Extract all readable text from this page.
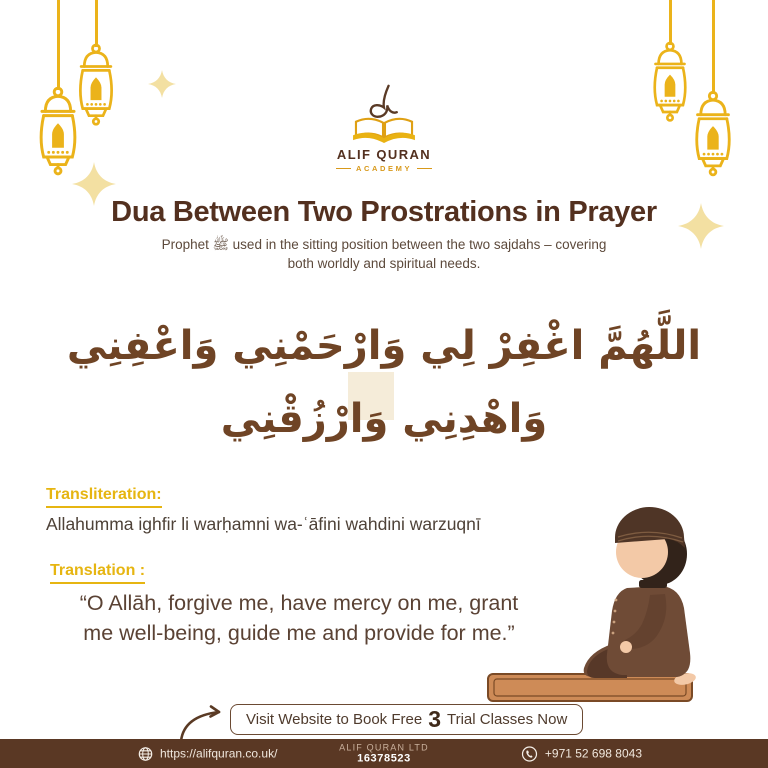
ALIF QURAN
ACADEMY
Dua Between Two Prostrations in Prayer
Prophet ﷺ used in the sitting position between the two sajdahs – covering
both worldly and spiritual needs.
اللَّهُمَّ اغْفِرْ لِي وَارْحَمْنِي وَاعْفِنِي
وَاهْدِنِي وَارْزُقْنِي
Transliteration:
Allahumma ighfir li warḥamni wa-ʿāfini wahdini warzuqnī
Translation :
“O Allāh, forgive me, have mercy on me, grant
me well-being, guide me and provide for me.”
Visit Website to Book Free 3 Trial Classes Now
https://alifquran.co.uk/	ALIF QURAN LTD
16378523	+971 52 698 8043
